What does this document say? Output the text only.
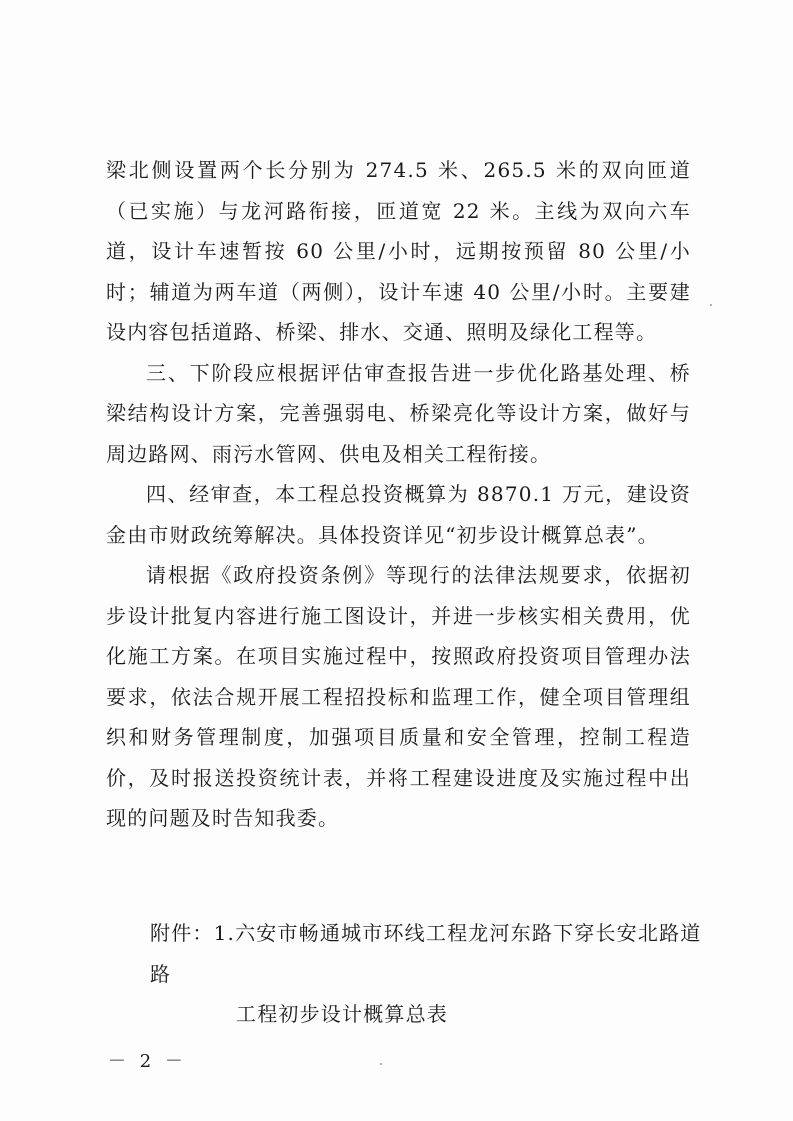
梁北侧设置两个长分别为 274.5 米、265.5 米的双向匝道（已实施）与龙河路衔接，匝道宽 22 米。主线为双向六车道，设计车速暂按 60 公里/小时，远期按预留 80 公里/小时；辅道为两车道（两侧），设计车速 40 公里/小时。主要建设内容包括道路、桥梁、排水、交通、照明及绿化工程等。

三、下阶段应根据评估审查报告进一步优化路基处理、桥梁结构设计方案，完善强弱电、桥梁亮化等设计方案，做好与周边路网、雨污水管网、供电及相关工程衔接。

四、经审查，本工程总投资概算为 8870.1 万元，建设资金由市财政统筹解决。具体投资详见“初步设计概算总表”。

请根据《政府投资条例》等现行的法律法规要求，依据初步设计批复内容进行施工图设计，并进一步核实相关费用，优化施工方案。在项目实施过程中，按照政府投资项目管理办法要求，依法合规开展工程招投标和监理工作，健全项目管理组织和财务管理制度，加强项目质量和安全管理，控制工程造价，及时报送投资统计表，并将工程建设进度及实施过程中出现的问题及时告知我委。

附件：1.六安市畅通城市环线工程龙河东路下穿长安北路道路
工程初步设计概算总表
－ 2 －
